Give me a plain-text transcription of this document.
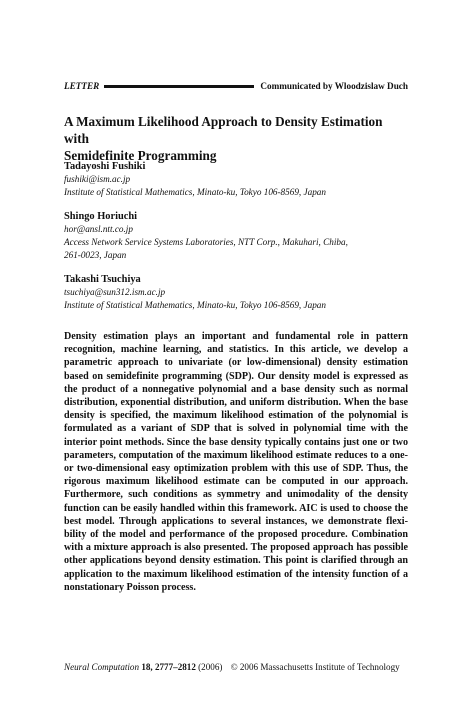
LETTER	Communicated by Wloodzislaw Duch
A Maximum Likelihood Approach to Density Estimation with
Semidefinite Programming
Tadayoshi Fushiki
fushiki@ism.ac.jp
Institute of Statistical Mathematics, Minato-ku, Tokyo 106-8569, Japan
Shingo Horiuchi
hor@ansl.ntt.co.jp
Access Network Service Systems Laboratories, NTT Corp., Makuhari, Chiba,
261-0023, Japan
Takashi Tsuchiya
tsuchiya@sun312.ism.ac.jp
Institute of Statistical Mathematics, Minato-ku, Tokyo 106-8569, Japan

Density estimation plays an important and fundamental role in pattern recognition, machine learning, and statistics. In this article, we develop a parametric approach to univariate (or low-dimensional) density estimation based on semidefinite programming (SDP). Our density model is expressed as the product of a nonnegative polynomial and a base density such as normal distribution, exponential distribution, and uniform distribution. When the base density is specified, the maximum likelihood estimation of the polynomial is formulated as a variant of SDP that is solved in polynomial time with the interior point methods. Since the base density typically contains just one or two parameters, computation of the maximum likelihood estimate reduces to a one- or two-dimensional easy optimization problem with this use of SDP. Thus, the rigorous maximum likelihood estimate can be computed in our approach. Furthermore, such conditions as symmetry and unimodality of the density function can be easily handled within this framework. AIC is used to choose the best model. Through applications to several instances, we demonstrate flexibility of the model and performance of the proposed procedure. Combination with a mixture approach is also presented. The proposed approach has possible other applications beyond density estimation. This point is clarified through an application to the maximum likelihood estimation of the intensity function of a nonstationary Poisson process.

Neural Computation 18, 2777–2812 (2006) © 2006 Massachusetts Institute of Technology
